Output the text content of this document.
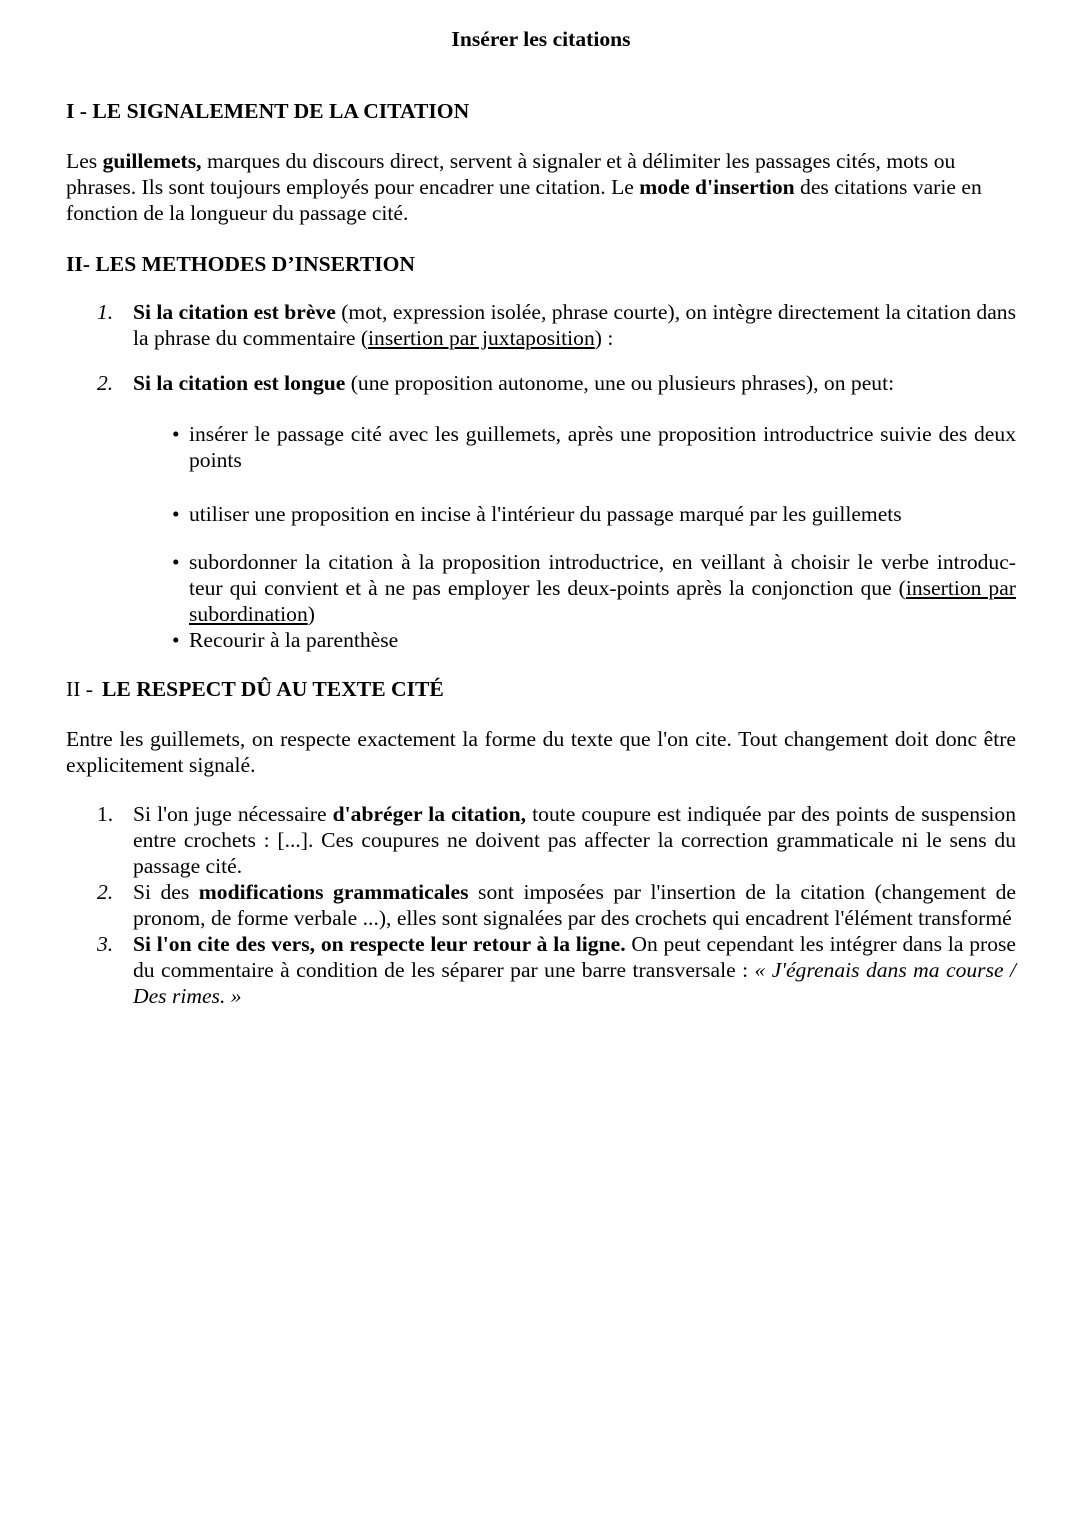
Insérer les citations

I - LE SIGNALEMENT DE LA CITATION

Les guillemets, marques du discours direct, servent à signaler et à délimiter les passages cités, mots ou phrases. Ils sont toujours employés pour encadrer une citation. Le mode d'insertion des citations varie en fonction de la longueur du passage cité.

II- LES METHODES D’INSERTION
1. Si la citation est brève (mot, expression isolée, phrase courte), on intègre directement la citation dans la phrase du commentaire (insertion par juxtaposition) :
2. Si la citation est longue (une proposition autonome, une ou plusieurs phrases), on peut:
• insérer le passage cité avec les guillemets, après une proposition introductrice suivie des deux points
• utiliser une proposition en incise à l'intérieur du passage marqué par les guillemets
• subordonner la citation à la proposition introductrice, en veillant à choisir le verbe introduc-teur qui convient et à ne pas employer les deux-points après la conjonction que (insertion par subordination)
• Recourir à la parenthèse
II - LE RESPECT DÛ AU TEXTE CITÉ

Entre les guillemets, on respecte exactement la forme du texte que l'on cite. Tout changement doit donc être explicitement signalé.

1. Si l'on juge nécessaire d'abréger la citation, toute coupure est indiquée par des points de suspension entre crochets : [...]. Ces coupures ne doivent pas affecter la correction grammaticale ni le sens du passage cité.
2. Si des modifications grammaticales sont imposées par l'insertion de la citation (changement de pronom, de forme verbale ...), elles sont signalées par des crochets qui encadrent l'élément transformé
3. Si l'on cite des vers, on respecte leur retour à la ligne. On peut cependant les intégrer dans la prose du commentaire à condition de les séparer par une barre transversale : « J'égrenais dans ma course / Des rimes. »
